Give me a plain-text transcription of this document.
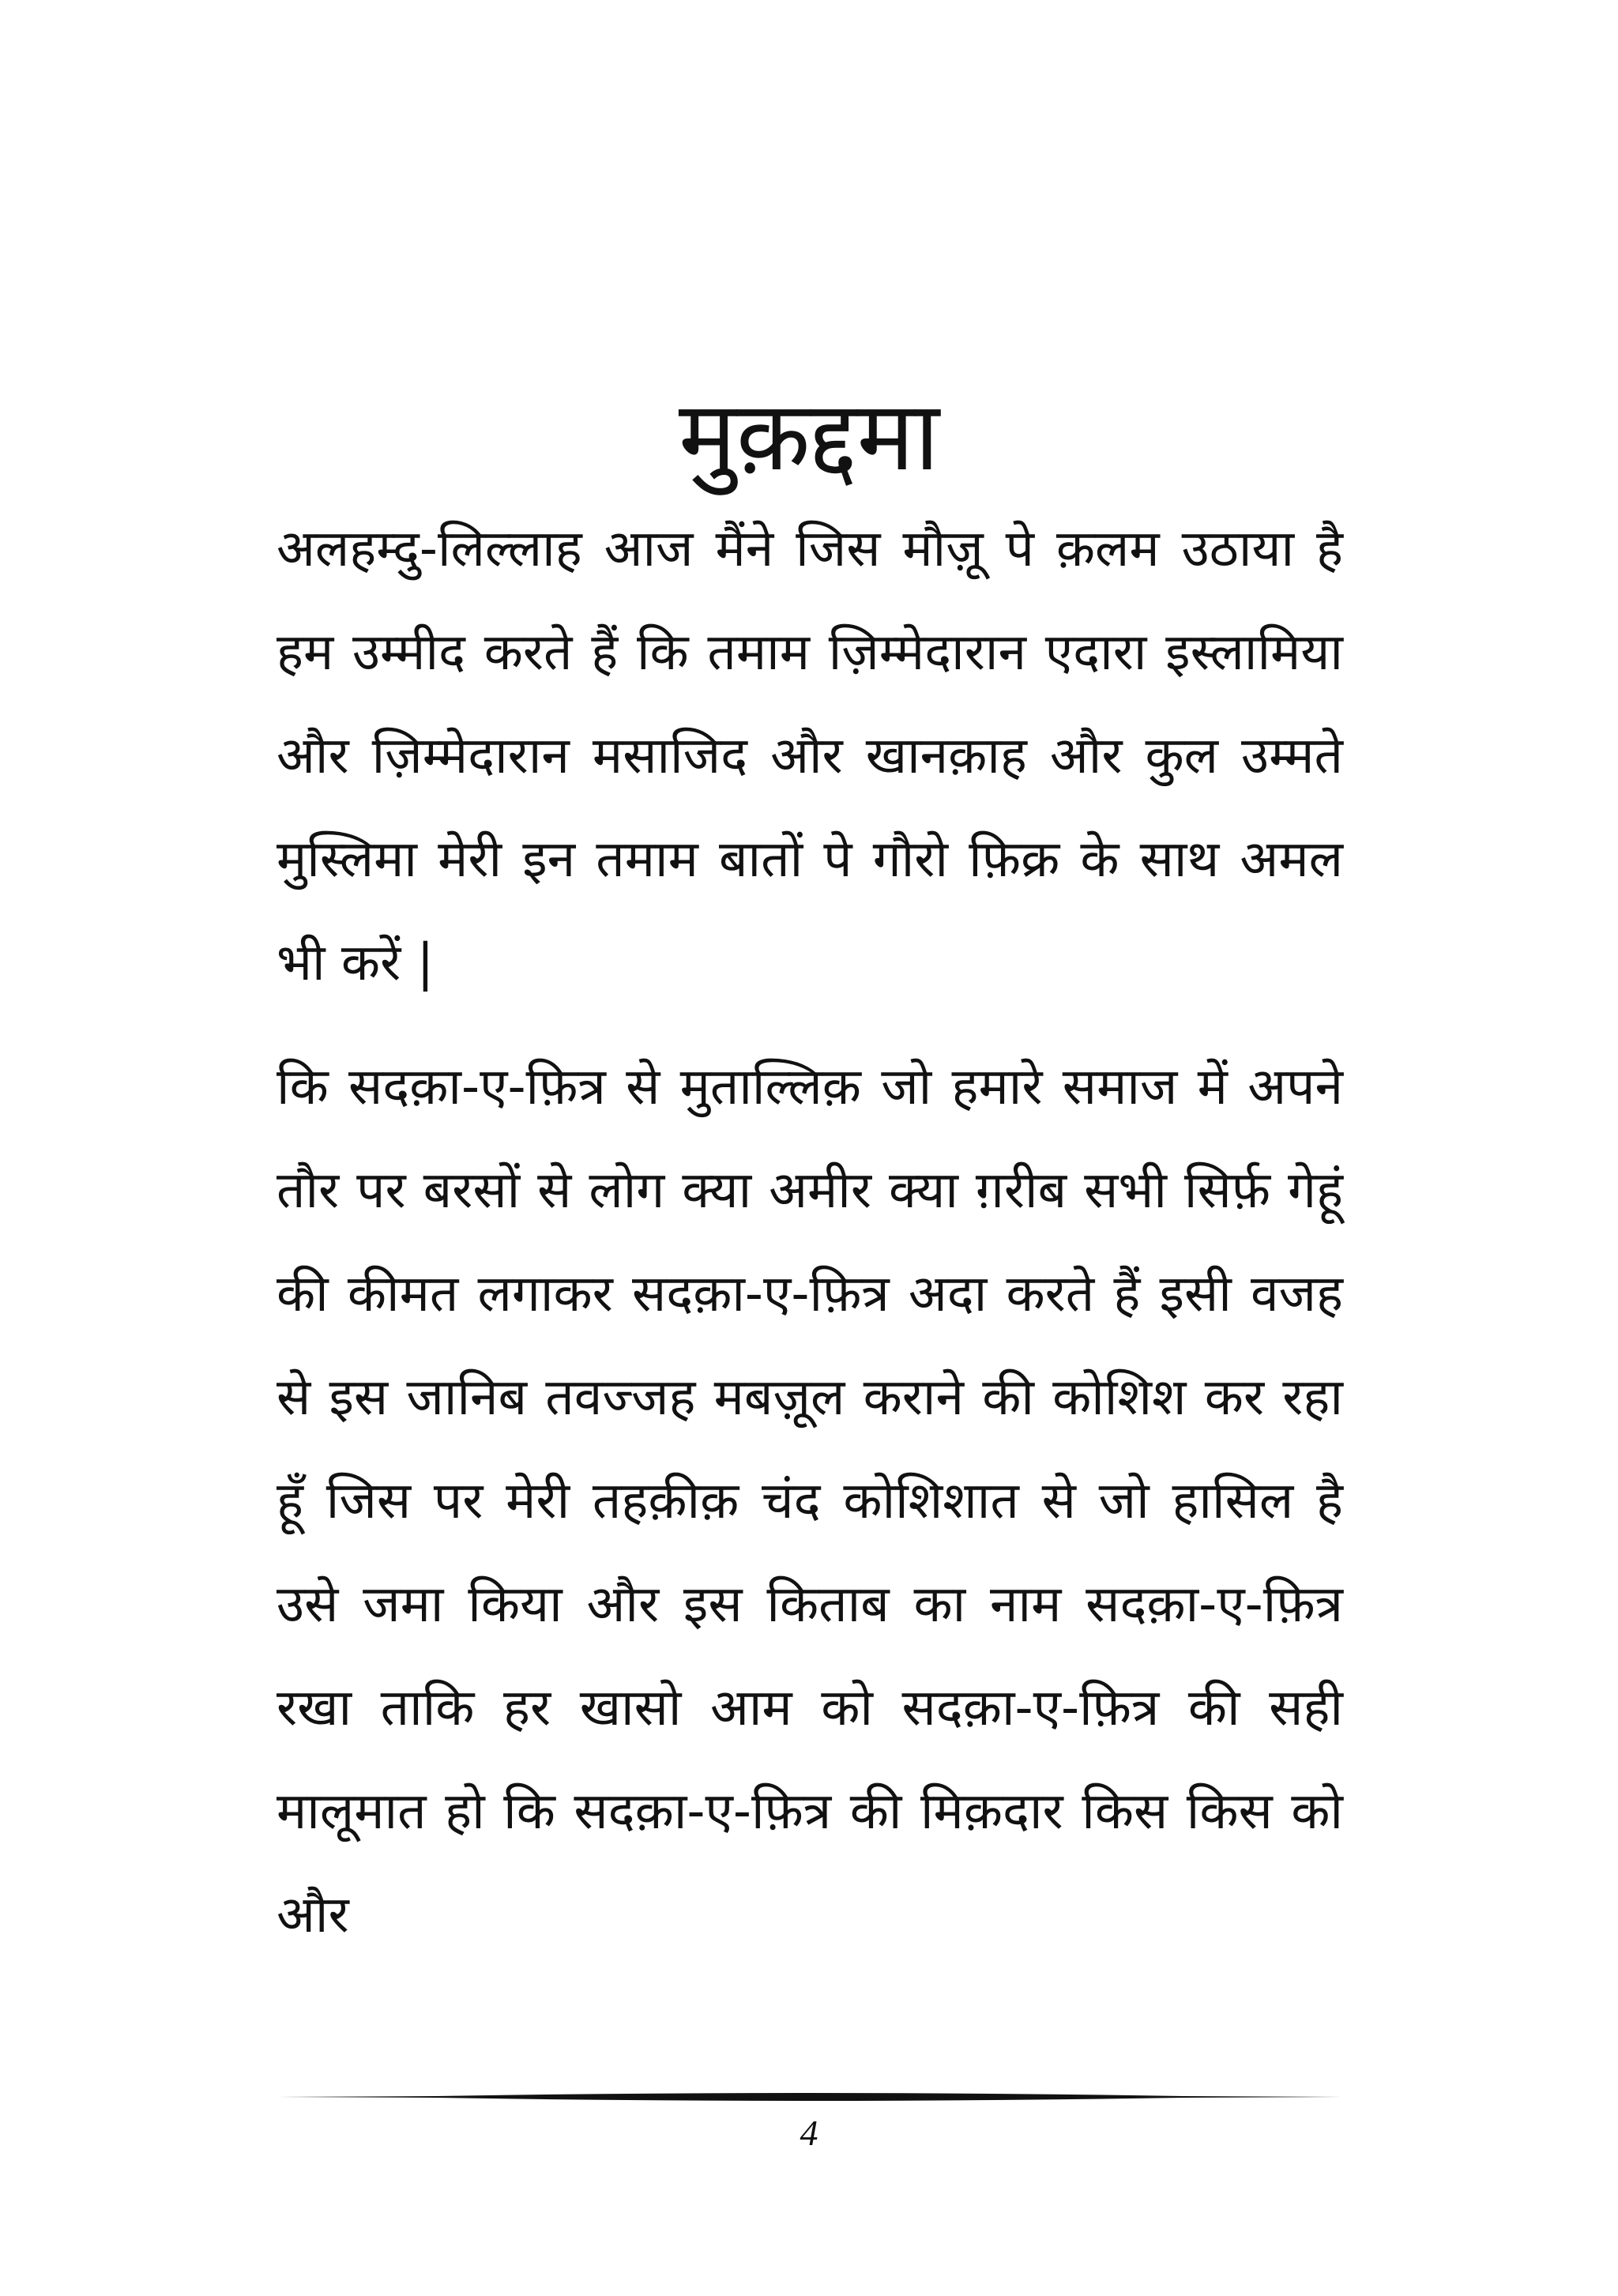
मुक़द्दमा

अलहम्दु-लिल्लाह आज मैंने जिस मौज़ू पे क़लम उठाया है हम उम्मीद करते हैं कि तमाम ज़िम्मेदारान एदारा इस्लामिया और ज़िम्मेदारान मसाजिद और खानक़ाह और कुल उम्मते मुस्लिमा मेरी इन तमाम बातों पे गौरो फ़िक्र के साथ अमल भी करें |

कि सदक़ा-ए-फ़ित्र से मुताल्लिक़ जो हमारे समाज में अपने तौर पर बरसों से लोग क्या अमीर क्या ग़रीब सभी सिर्फ़ गेहूं की कीमत लगाकर सदक़ा-ए-फ़ित्र अदा करते हैं इसी वजह से इस जानिब तवज्जह मबज़ूल कराने की कोशिश कर रहा हूँ जिस पर मेरी तहक़ीक़ चंद कोशिशात से जो हासिल है उसे जमा किया और इस किताब का नाम सदक़ा-ए-फ़ित्र रखा ताकि हर खासो आम को सदक़ा-ए-फ़ित्र की सही मालूमात हो कि सदक़ा-ए-फ़ित्र की मिक़दार किस किस को और

4
